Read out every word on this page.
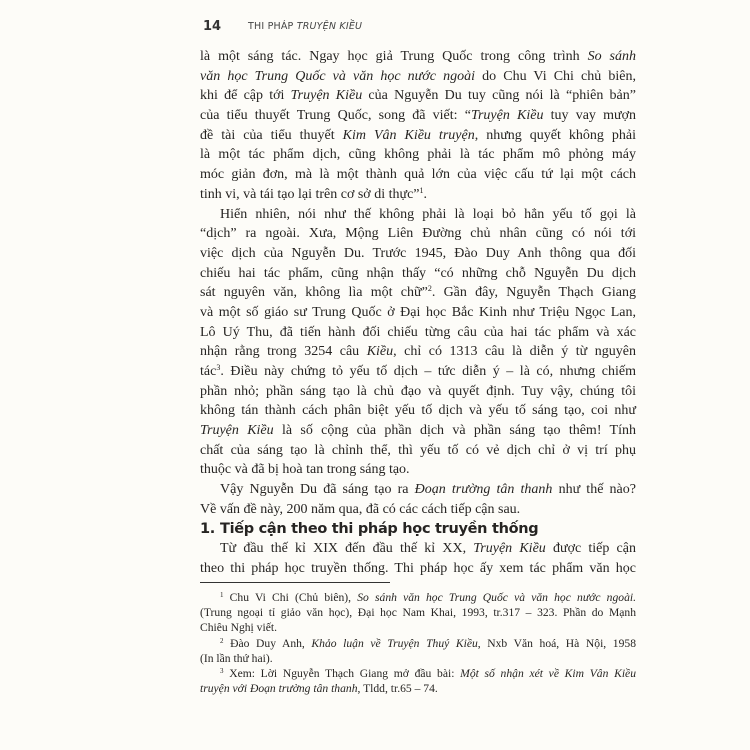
14	THI PHÁP TRUYỆN KIỀU
là một sáng tác. Ngay học giả Trung Quốc trong công trình So sánh
văn học Trung Quốc và văn học nước ngoài do Chu Vi Chi chủ biên,
khi để cập tới Truyện Kiều của Nguyễn Du tuy cũng nói là “phiên bản”
của tiểu thuyết Trung Quốc, song đã viết: “Truyện Kiều tuy vay mượn
đề tài của tiểu thuyết Kim Vân Kiều truyện, nhưng quyết không phải
là một tác phẩm dịch, cũng không phải là tác phẩm mô phỏng máy
móc giản đơn, mà là một thành quả lớn của việc cấu tứ lại một cách
tinh vi, và tái tạo lại trên cơ sở di thực”$^1$.
Hiển nhiên, nói như thế không phải là loại bỏ hẳn yếu tố gọi là
“dịch” ra ngoài. Xưa, Mộng Liên Đường chủ nhân cũng có nói tới
việc dịch của Nguyễn Du. Trước 1945, Đào Duy Anh thông qua đối
chiếu hai tác phẩm, cũng nhận thấy “có những chỗ Nguyễn Du dịch
sát nguyên văn, không lìa một chữ”$^2$. Gần đây, Nguyễn Thạch Giang
và một số giáo sư Trung Quốc ở Đại học Bắc Kinh như Triệu Ngọc Lan,
Lô Uý Thu, đã tiến hành đối chiếu từng câu của hai tác phẩm và xác
nhận rằng trong 3254 câu Kiều, chỉ có 1313 câu là diễn ý từ nguyên
tác$^3$. Điều này chứng tỏ yếu tố dịch – tức diễn ý – là có, nhưng chiếm
phần nhỏ; phần sáng tạo là chủ đạo và quyết định. Tuy vậy, chúng tôi
không tán thành cách phân biệt yếu tố dịch và yếu tố sáng tạo, coi như
Truyện Kiều là số cộng của phần dịch và phần sáng tạo thêm! Tính
chất của sáng tạo là chỉnh thể, thì yếu tố có vẻ dịch chỉ ở vị trí phụ
thuộc và đã bị hoà tan trong sáng tạo.
Vậy Nguyễn Du đã sáng tạo ra Đoạn trường tân thanh như thế nào?
Về vấn đề này, 200 năm qua, đã có các cách tiếp cận sau.
1. Tiếp cận theo thi pháp học truyền thống
Từ đầu thế kỉ XIX đến đầu thế kỉ XX, Truyện Kiều được tiếp cận
theo thi pháp học truyền thống. Thi pháp học ấy xem tác phẩm văn học
$^1$ Chu Vi Chi (Chủ biên), So sánh văn học Trung Quốc và văn học nước ngoài.
(Trung ngoại tỉ giảo văn học), Đại học Nam Khai, 1993, tr.317 – 323. Phần do Mạnh
Chiêu Nghị viết.
$^2$ Đào Duy Anh, Khảo luận về Truyện Thuý Kiều, Nxb Văn hoá, Hà Nội, 1958
(In lần thứ hai).
$^3$ Xem: Lời Nguyễn Thạch Giang mở đầu bài: Một số nhận xét về Kim Vân Kiều
truyện với Đoạn trường tân thanh, Tldd, tr.65 – 74.
